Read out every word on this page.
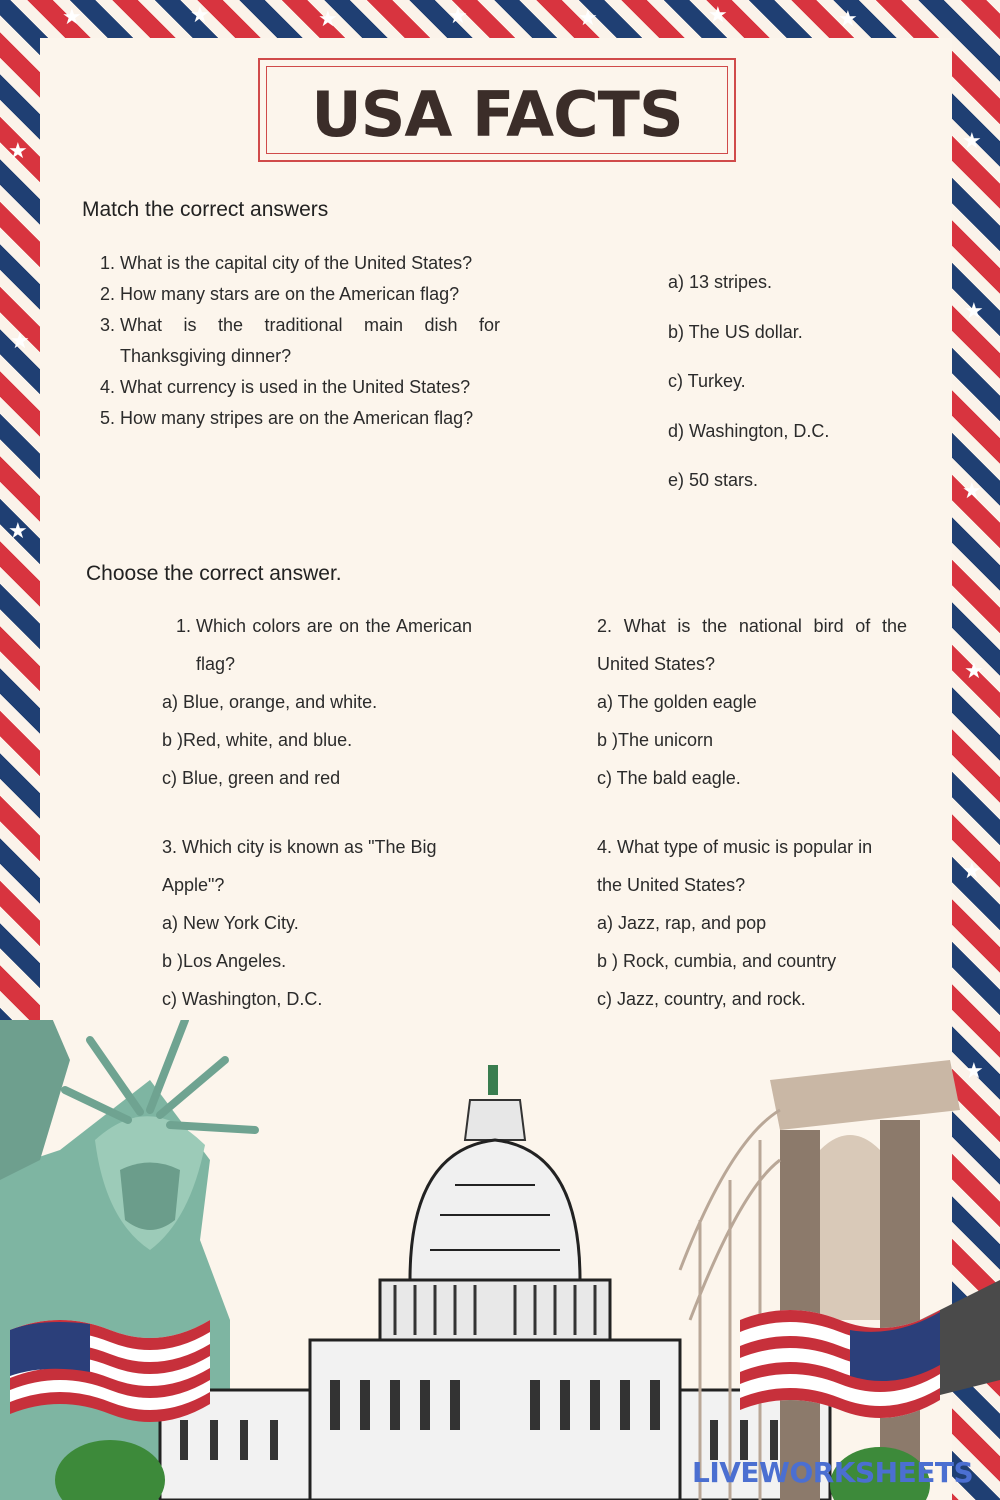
★	★	★	★	★	★	★
★
★
★
★
★
★
★
★
★
USA FACTS
Match the correct answers
1. What is the capital city of the United States?
2. How many stars are on the American flag?
3. What is the traditional main dish for Thanksgiving dinner?
4. What currency is used in the United States?
5. How many stripes are on the American flag?
a) 13 stripes.
b) The US dollar.
c) Turkey.
d) Washington, D.C.
e) 50 stars.
Choose the correct answer.
1. Which colors are on the American flag?
a) Blue, orange, and white.
b )Red, white, and blue.
c) Blue, green and red
2. What is the national bird of the United States?
a) The golden eagle
b )The unicorn
c) The bald eagle.
3. Which city is known as "The Big
Apple"?
a) New York City.
b )Los Angeles.
c) Washington, D.C.
4. What type of music is popular in
the United States?
a) Jazz, rap, and pop
b ) Rock, cumbia, and country
c) Jazz, country, and rock.
LIVEWORKSHEETS
